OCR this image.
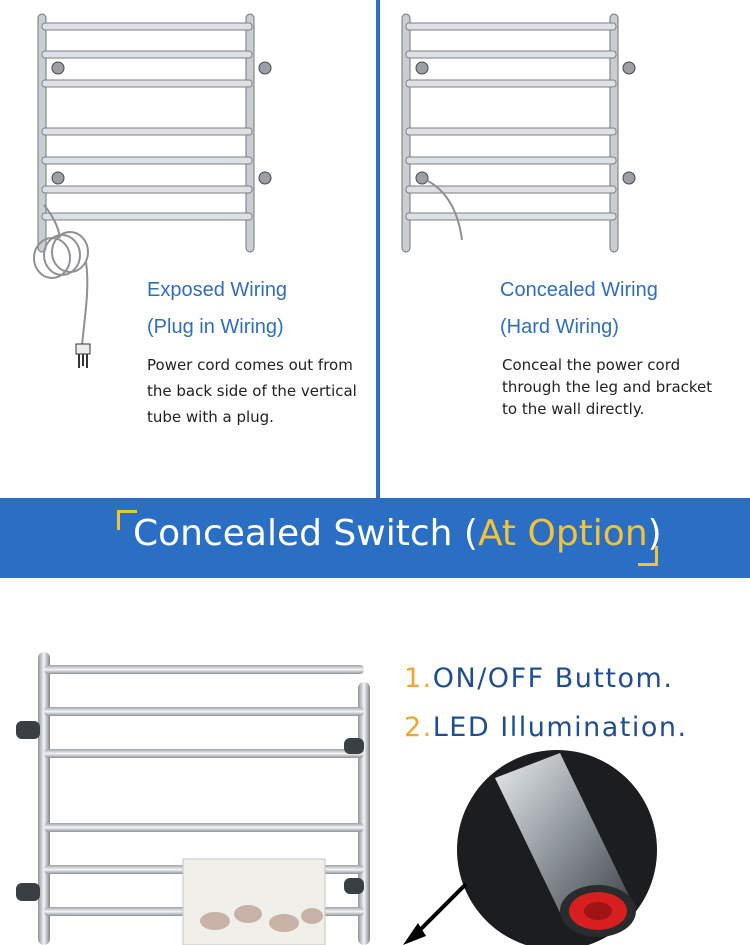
Exposed Wiring
(Plug in Wiring)
Power cord comes out from
the back side of the vertical
tube with a plug.
Concealed Wiring
(Hard Wiring)
Conceal the power cord
through the leg and bracket
to the wall directly.
Concealed Switch (At Option)
1.ON/OFF Buttom.
2.LED Illumination.
